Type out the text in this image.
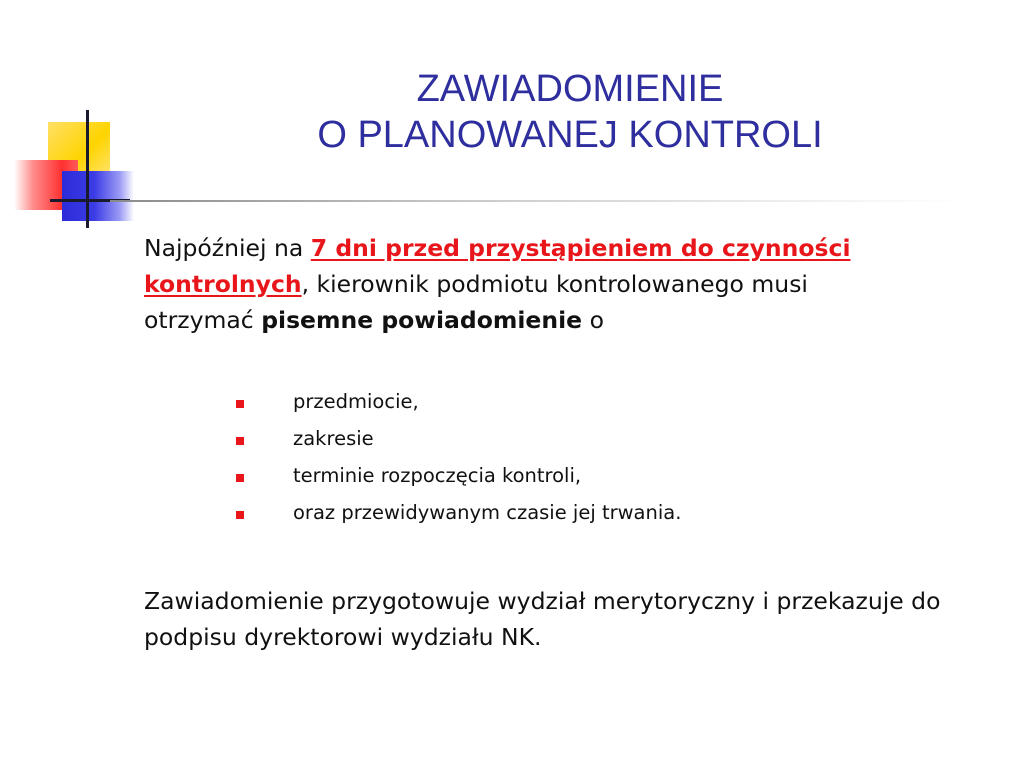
ZAWIADOMIENIE
O PLANOWANEJ KONTROLI

Najpóźniej na 7 dni przed przystąpieniem do czynności kontrolnych, kierownik podmiotu kontrolowanego musi otrzymać pisemne powiadomienie o

przedmiocie,
zakresie
terminie rozpoczęcia kontroli,
oraz przewidywanym czasie jej trwania.

Zawiadomienie przygotowuje wydział merytoryczny i przekazuje do podpisu dyrektorowi wydziału NK.
